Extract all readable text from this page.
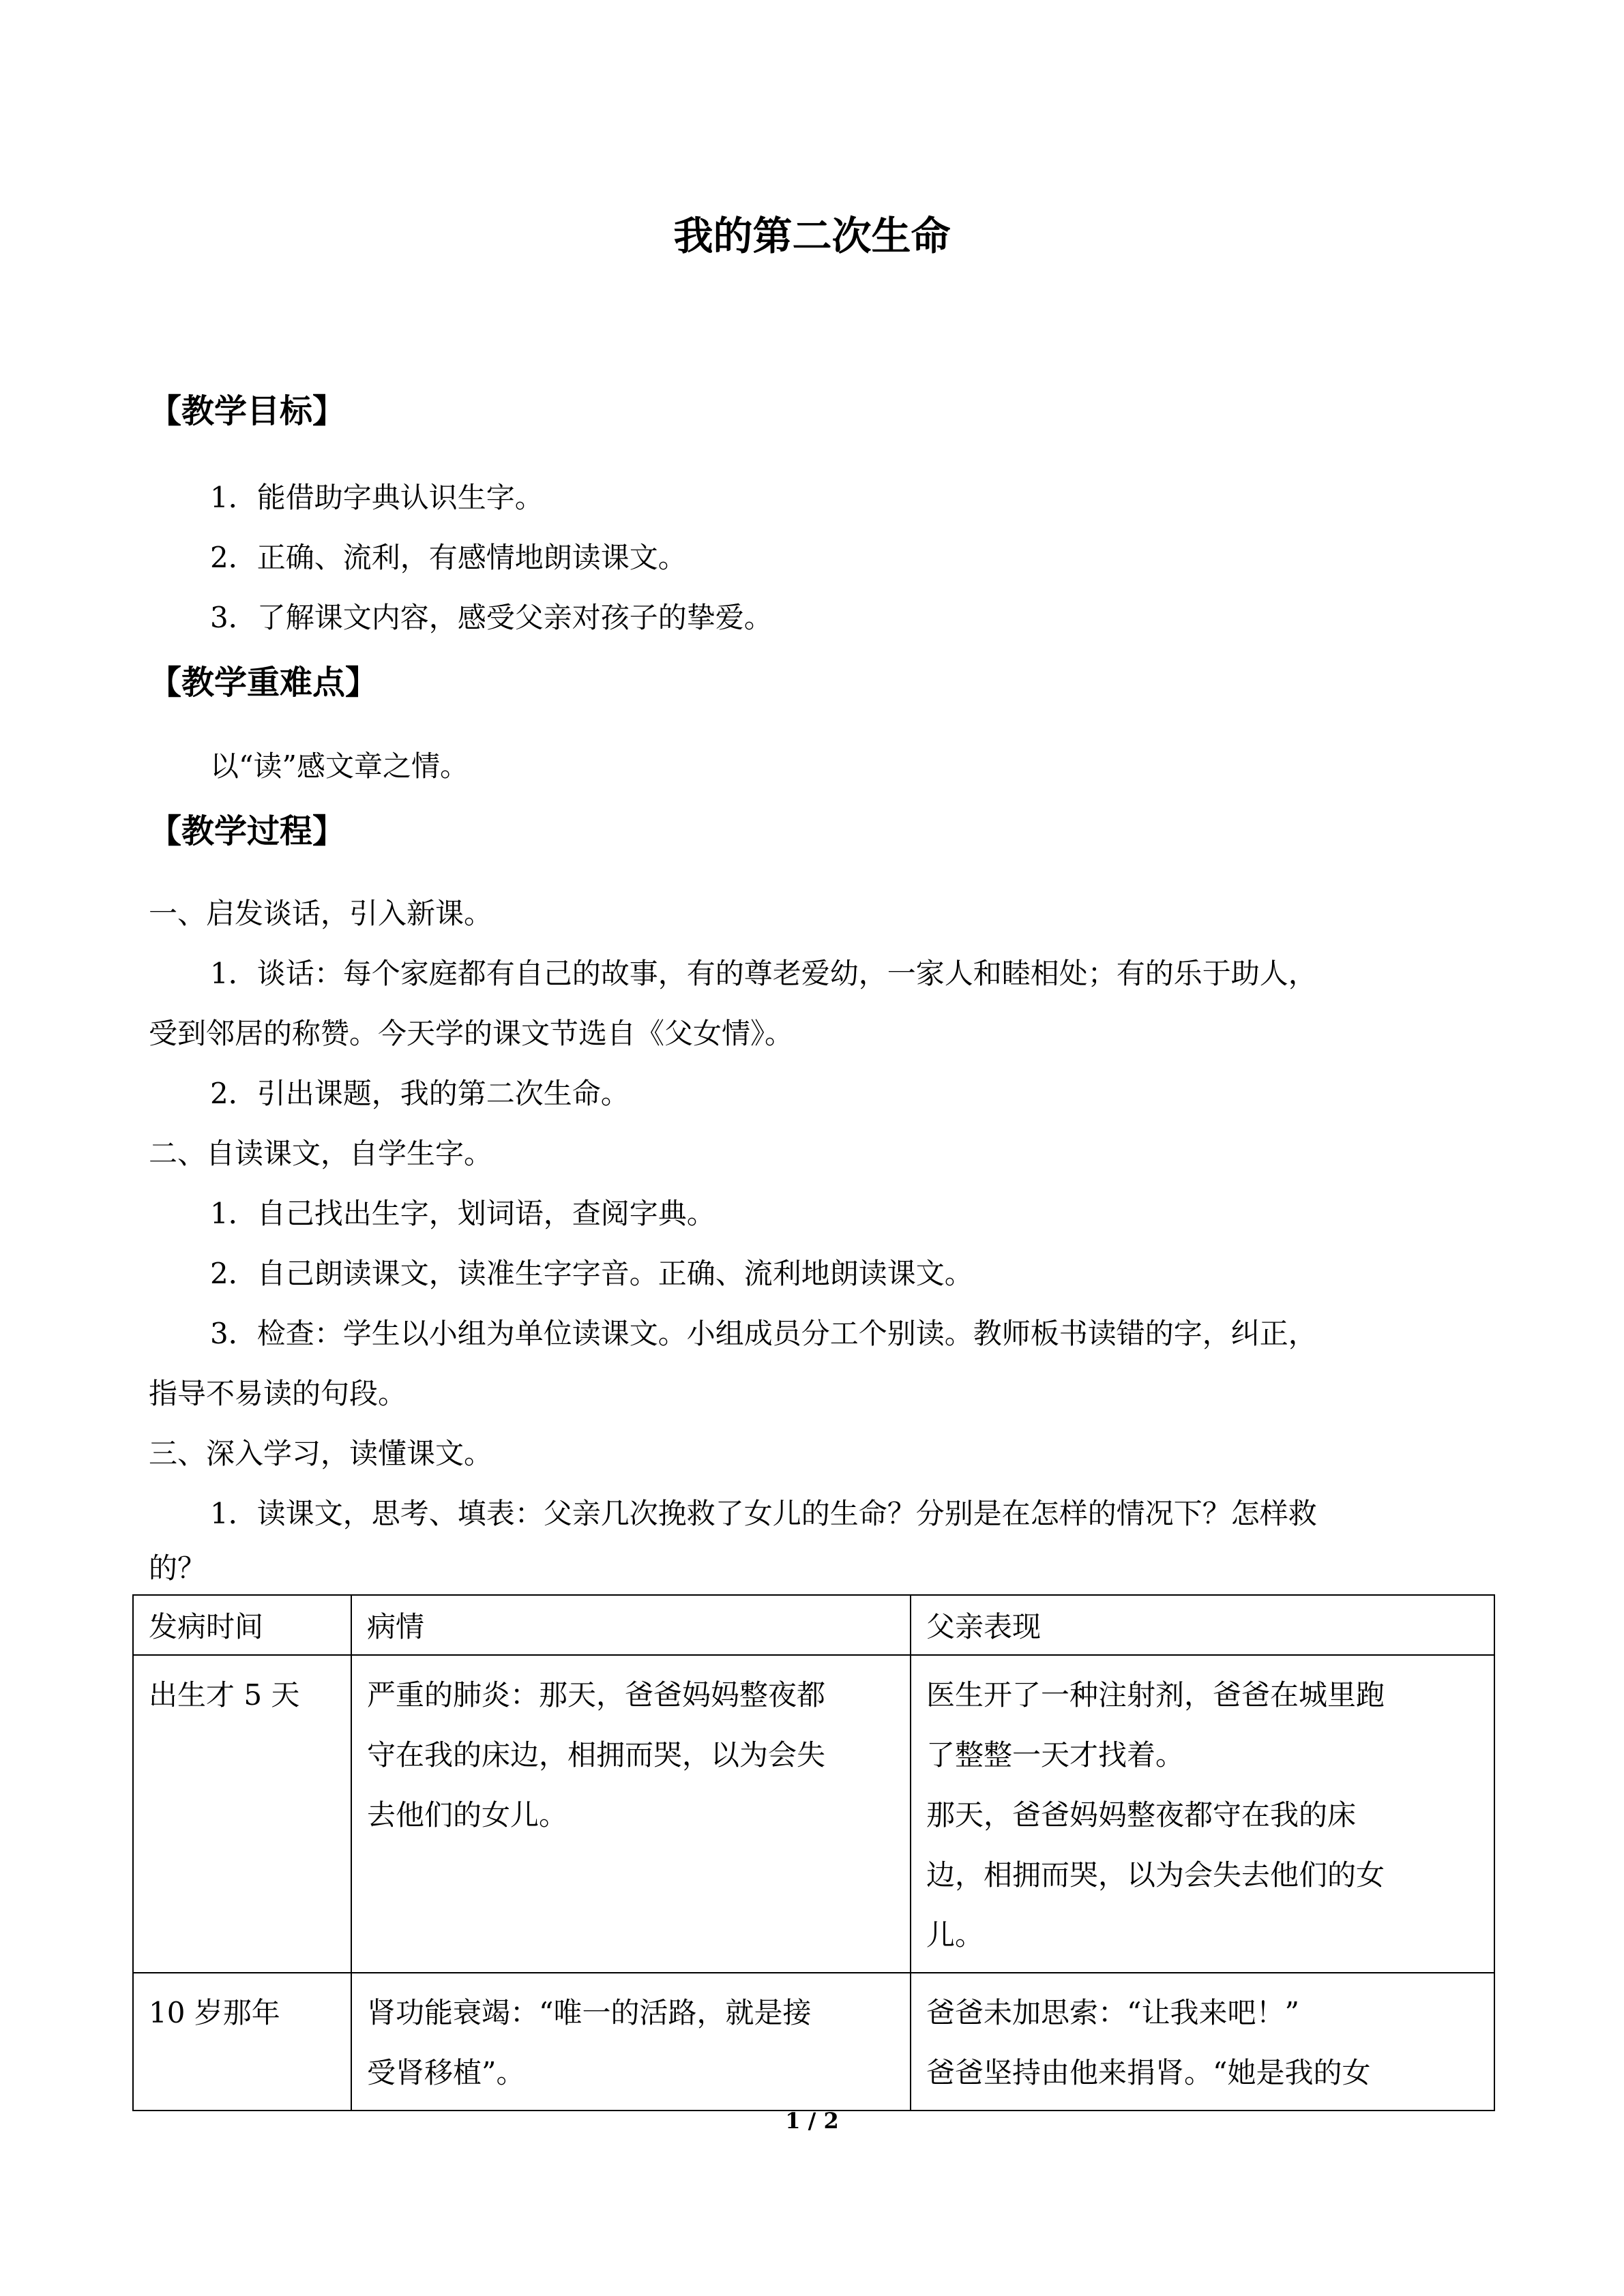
我的第二次生命
【教学目标】

1．能借助字典认识生字。

2．正确、流利，有感情地朗读课文。

3．了解课文内容，感受父亲对孩子的挚爱。

【教学重难点】

以“读”感文章之情。

【教学过程】

一、启发谈话，引入新课。

1．谈话：每个家庭都有自己的故事，有的尊老爱幼，一家人和睦相处；有的乐于助人，

受到邻居的称赞。今天学的课文节选自《父女情》。

2．引出课题，我的第二次生命。

二、自读课文，自学生字。

1．自己找出生字，划词语，查阅字典。

2．自己朗读课文，读准生字字音。正确、流利地朗读课文。

3．检查：学生以小组为单位读课文。小组成员分工个别读。教师板书读错的字，纠正，

指导不易读的句段。

三、深入学习，读懂课文。

1．读课文，思考、填表：父亲几次挽救了女儿的生命？分别是在怎样的情况下？怎样救

的？

发病时间	病情	父亲表现

出生才 5 天	严重的肺炎：那天，爸爸妈妈整夜都
守在我的床边，相拥而哭，以为会失
去他们的女儿。	医生开了一种注射剂，爸爸在城里跑
了整整一天才找着。
那天，爸爸妈妈整夜都守在我的床
边，相拥而哭，以为会失去他们的女
儿。

10 岁那年	肾功能衰竭：“唯一的活路，就是接
受肾移植”。	爸爸未加思索：“让我来吧！”
爸爸坚持由他来捐肾。“她是我的女

1 / 2
